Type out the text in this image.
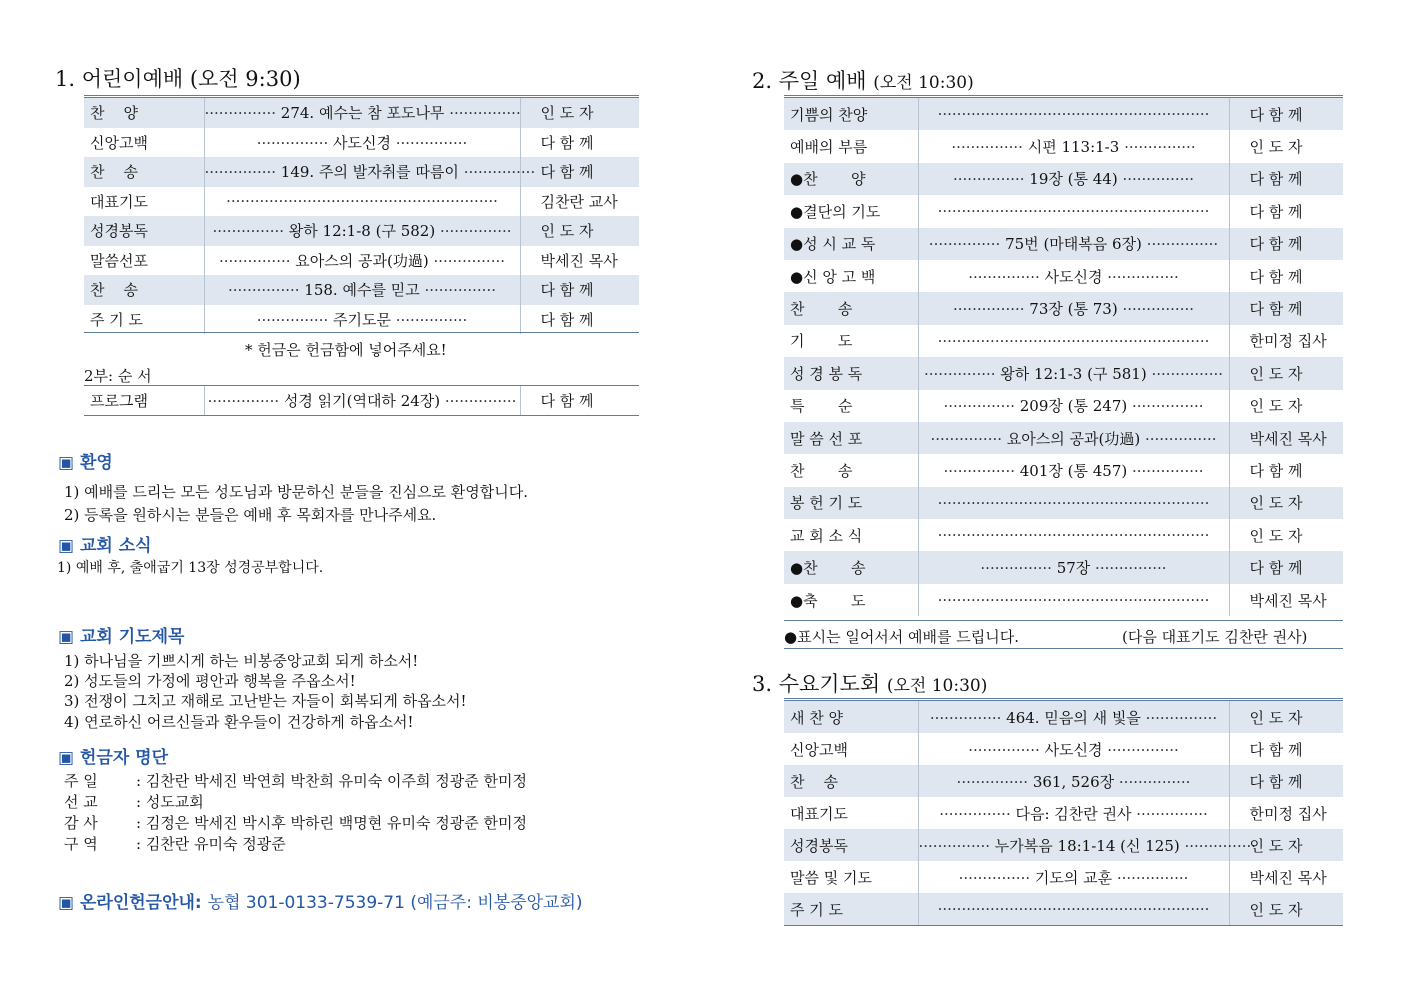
1. 어린이예배 (오전 9:30)
찬    양	··············· 274. 예수는 참 포도나무 ···············	인 도 자
신앙고백	··············· 사도신경 ···············	다 함 께
찬    송	··············· 149. 주의 발자취를 따름이 ···············	다 함 께
대표기도	·························································	김찬란 교사
성경봉독	··············· 왕하 12:1-8 (구 582) ···············	인 도 자
말씀선포	··············· 요아스의 공과(功過) ···············	박세진 목사
찬    송	··············· 158. 예수를 믿고 ···············	다 함 께
주 기 도	··············· 주기도문 ···············	다 함 께
* 헌금은 헌금함에 넣어주세요!
2부: 순 서
프로그램	··············· 성경 읽기(역대하 24장) ···············	다 함 께
▣ 환영
1) 예배를 드리는 모든 성도님과 방문하신 분들을 진심으로 환영합니다.
2) 등록을 원하시는 분들은 예배 후 목회자를 만나주세요.
▣ 교회 소식
1) 예배 후, 출애굽기 13장 성경공부합니다.
▣ 교회 기도제목
1) 하나님을 기쁘시게 하는 비봉중앙교회 되게 하소서!
2) 성도들의 가정에 평안과 행복을 주옵소서!
3) 전쟁이 그치고 재해로 고난받는 자들이 회복되게 하옵소서!
4) 연로하신 어르신들과 환우들이 건강하게 하옵소서!
▣ 헌금자 명단
주 일	: 김찬란 박세진 박연희 박찬희 유미숙 이주희 정광준 한미정
선 교	: 성도교회
감 사	: 김정은 박세진 박시후 박하린 백명현 유미숙 정광준 한미정
구 역	: 김찬란 유미숙 정광준
▣ 온라인헌금안내: 농협 301-0133-7539-71 (예금주: 비봉중앙교회)
2. 주일 예배 (오전 10:30)
기쁨의 찬양	·························································	다 함 께
예배의 부름	··············· 시편 113:1-3 ···············	인 도 자
●찬       양	··············· 19장 (통 44) ···············	다 함 께
●결단의 기도	·························································	다 함 께
●성 시 교 독	··············· 75번 (마태복음 6장) ···············	다 함 께
●신 앙 고 백	··············· 사도신경 ···············	다 함 께
찬       송	··············· 73장 (통 73) ···············	다 함 께
기       도	·························································	한미정 집사
성 경 봉 독	··············· 왕하 12:1-3 (구 581) ···············	인 도 자
특       순	··············· 209장 (통 247) ···············	인 도 자
말 씀 선 포	··············· 요아스의 공과(功過) ···············	박세진 목사
찬       송	··············· 401장 (통 457) ···············	다 함 께
봉 헌 기 도	·························································	인 도 자
교 회 소 식	·························································	인 도 자
●찬       송	··············· 57장 ···············	다 함 께
●축       도	·························································	박세진 목사
●표시는 일어서서 예배를 드립니다.	(다음 대표기도 김찬란 권사)
3. 수요기도회 (오전 10:30)
새 찬 양	··············· 464. 믿음의 새 빛을 ···············	인 도 자
신앙고백	··············· 사도신경 ···············	다 함 께
찬    송	··············· 361, 526장 ···············	다 함 께
대표기도	··············· 다음: 김찬란 권사 ···············	한미정 집사
성경봉독	··············· 누가복음 18:1-14 (신 125) ···············	인 도 자
말씀 및 기도	··············· 기도의 교훈 ···············	박세진 목사
주 기 도	·························································	인 도 자
